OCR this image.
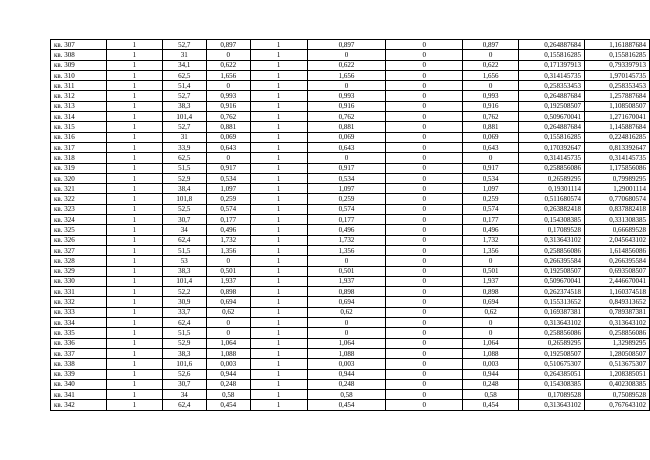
кв. 307	1	52,7	0,897	1	0,897	0	0,897	0,264887684	1,161887684
кв. 308	1	31	0	1	0	0	0	0,155816285	0,155816285
кв. 309	1	34,1	0,622	1	0,622	0	0,622	0,171397913	0,793397913
кв. 310	1	62,5	1,656	1	1,656	0	1,656	0,314145735	1,970145735
кв. 311	1	51,4	0	1	0	0	0	0,258353453	0,258353453
кв. 312	1	52,7	0,993	1	0,993	0	0,993	0,264887684	1,257887684
кв. 313	1	38,3	0,916	1	0,916	0	0,916	0,192508507	1,108508507
кв. 314	1	101,4	0,762	1	0,762	0	0,762	0,509670041	1,271670041
кв. 315	1	52,7	0,881	1	0,881	0	0,881	0,264887684	1,145887684
кв. 316	1	31	0,069	1	0,069	0	0,069	0,155816285	0,224816285
кв. 317	1	33,9	0,643	1	0,643	0	0,643	0,170392647	0,813392647
кв. 318	1	62,5	0	1	0	0	0	0,314145735	0,314145735
кв. 319	1	51,5	0,917	1	0,917	0	0,917	0,258856086	1,175856086
кв. 320	1	52,9	0,534	1	0,534	0	0,534	0,26589295	0,79989295
кв. 321	1	38,4	1,097	1	1,097	0	1,097	0,19301114	1,29001114
кв. 322	1	101,8	0,259	1	0,259	0	0,259	0,511680574	0,770680574
кв. 323	1	52,5	0,574	1	0,574	0	0,574	0,263882418	0,837882418
кв. 324	1	30,7	0,177	1	0,177	0	0,177	0,154308385	0,331308385
кв. 325	1	34	0,496	1	0,496	0	0,496	0,17089528	0,66689528
кв. 326	1	62,4	1,732	1	1,732	0	1,732	0,313643102	2,045643102
кв. 327	1	51,5	1,356	1	1,356	0	1,356	0,258856086	1,614856086
кв. 328	1	53	0	1	0	0	0	0,266395584	0,266395584
кв. 329	1	38,3	0,501	1	0,501	0	0,501	0,192508507	0,693508507
кв. 330	1	101,4	1,937	1	1,937	0	1,937	0,509670041	2,446670041
кв. 331	1	52,2	0,898	1	0,898	0	0,898	0,262374518	1,160374518
кв. 332	1	30,9	0,694	1	0,694	0	0,694	0,155313652	0,849313652
кв. 333	1	33,7	0,62	1	0,62	0	0,62	0,169387381	0,789387381
кв. 334	1	62,4	0	1	0	0	0	0,313643102	0,313643102
кв. 335	1	51,5	0	1	0	0	0	0,258856086	0,258856086
кв. 336	1	52,9	1,064	1	1,064	0	1,064	0,26589295	1,32989295
кв. 337	1	38,3	1,088	1	1,088	0	1,088	0,192508507	1,280508507
кв. 338	1	101,6	0,003	1	0,003	0	0,003	0,510675307	0,513675307
кв. 339	1	52,6	0,944	1	0,944	0	0,944	0,264385051	1,208385051
кв. 340	1	30,7	0,248	1	0,248	0	0,248	0,154308385	0,402308385
кв. 341	1	34	0,58	1	0,58	0	0,58	0,17089528	0,75089528
кв. 342	1	62,4	0,454	1	0,454	0	0,454	0,313643102	0,767643102
